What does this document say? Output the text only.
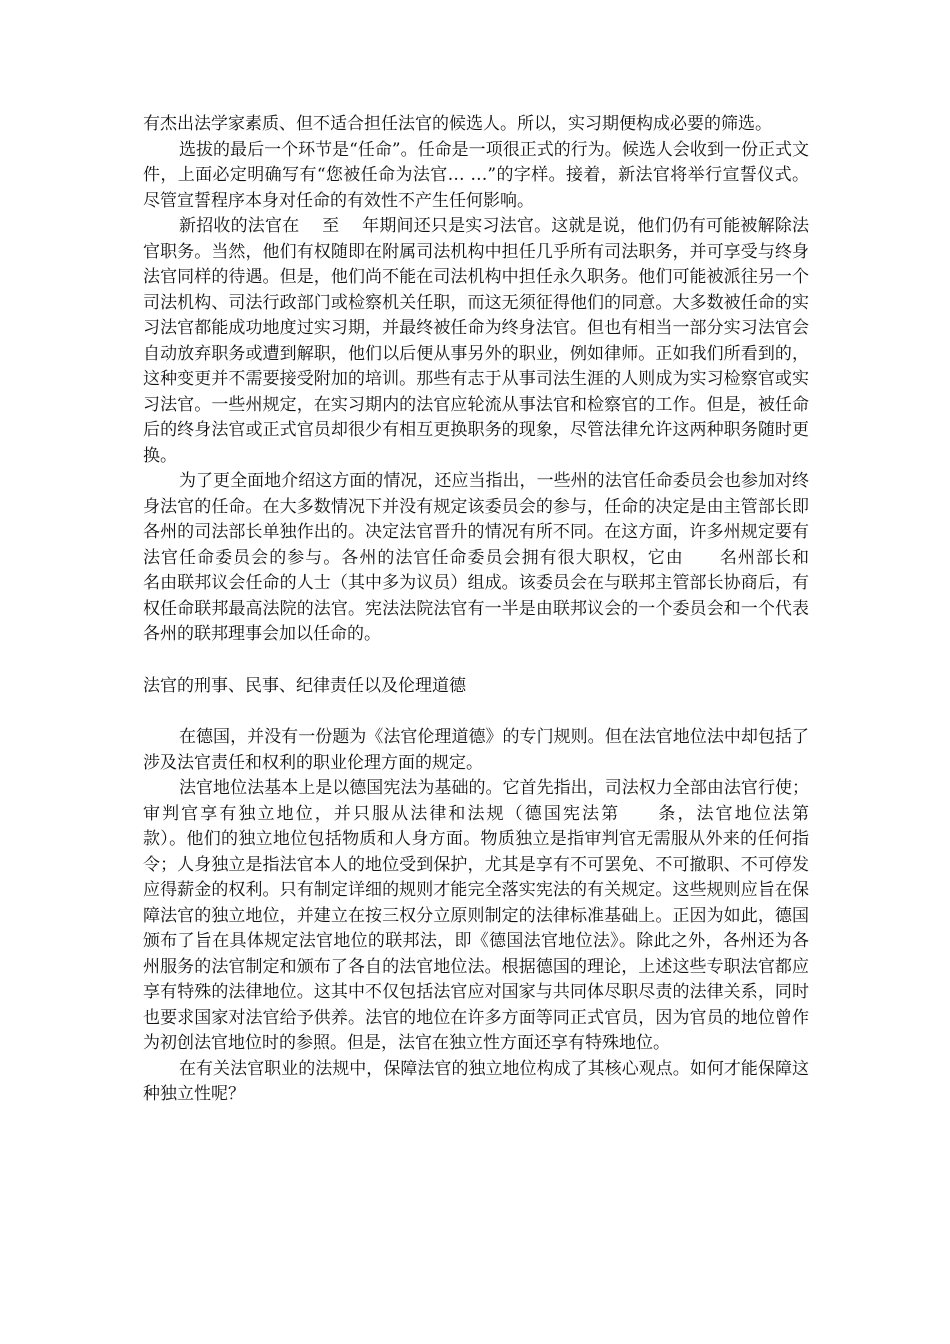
有杰出法学家素质、但不适合担任法官的候选人。所以，实习期便构成必要的筛选。

选拔的最后一个环节是“任命”。任命是一项很正式的行为。候选人会收到一份正式文件，上面必定明确写有“您被任命为法官… …”的字样。接着，新法官将举行宣誓仪式。尽管宣誓程序本身对任命的有效性不产生任何影响。

新招收的法官在　 至　 年期间还只是实习法官。这就是说，他们仍有可能被解除法官职务。当然，他们有权随即在附属司法机构中担任几乎所有司法职务，并可享受与终身法官同样的待遇。但是，他们尚不能在司法机构中担任永久职务。他们可能被派往另一个司法机构、司法行政部门或检察机关任职，而这无须征得他们的同意。大多数被任命的实习法官都能成功地度过实习期，并最终被任命为终身法官。但也有相当一部分实习法官会自动放弃职务或遭到解职，他们以后便从事另外的职业，例如律师。正如我们所看到的，这种变更并不需要接受附加的培训。那些有志于从事司法生涯的人则成为实习检察官或实习法官。一些州规定，在实习期内的法官应轮流从事法官和检察官的工作。但是，被任命后的终身法官或正式官员却很少有相互更换职务的现象，尽管法律允许这两种职务随时更换。

为了更全面地介绍这方面的情况，还应当指出，一些州的法官任命委员会也参加对终身法官的任命。在大多数情况下并没有规定该委员会的参与，任命的决定是由主管部长即各州的司法部长单独作出的。决定法官晋升的情况有所不同。在这方面，许多州规定要有法官任命委员会的参与。各州的法官任命委员会拥有很大职权，它由　　名州部长和　　名由联邦议会任命的人士（其中多为议员）组成。该委员会在与联邦主管部长协商后，有权任命联邦最高法院的法官。宪法法院法官有一半是由联邦议会的一个委员会和一个代表各州的联邦理事会加以任命的。

法官的刑事、民事、纪律责任以及伦理道德

在德国，并没有一份题为《法官伦理道德》的专门规则。但在法官地位法中却包括了涉及法官责任和权利的职业伦理方面的规定。

法官地位法基本上是以德国宪法为基础的。它首先指出，司法权力全部由法官行使；审判官享有独立地位，并只服从法律和法规（德国宪法第　　条，法官地位法第　　款）。他们的独立地位包括物质和人身方面。物质独立是指审判官无需服从外来的任何指令；人身独立是指法官本人的地位受到保护，尤其是享有不可罢免、不可撤职、不可停发应得薪金的权利。只有制定详细的规则才能完全落实宪法的有关规定。这些规则应旨在保障法官的独立地位，并建立在按三权分立原则制定的法律标准基础上。正因为如此，德国颁布了旨在具体规定法官地位的联邦法，即《德国法官地位法》。除此之外，各州还为各州服务的法官制定和颁布了各自的法官地位法。根据德国的理论，上述这些专职法官都应享有特殊的法律地位。这其中不仅包括法官应对国家与共同体尽职尽责的法律关系，同时也要求国家对法官给予供养。法官的地位在许多方面等同正式官员，因为官员的地位曾作为初创法官地位时的参照。但是，法官在独立性方面还享有特殊地位。

在有关法官职业的法规中，保障法官的独立地位构成了其核心观点。如何才能保障这种独立性呢？
